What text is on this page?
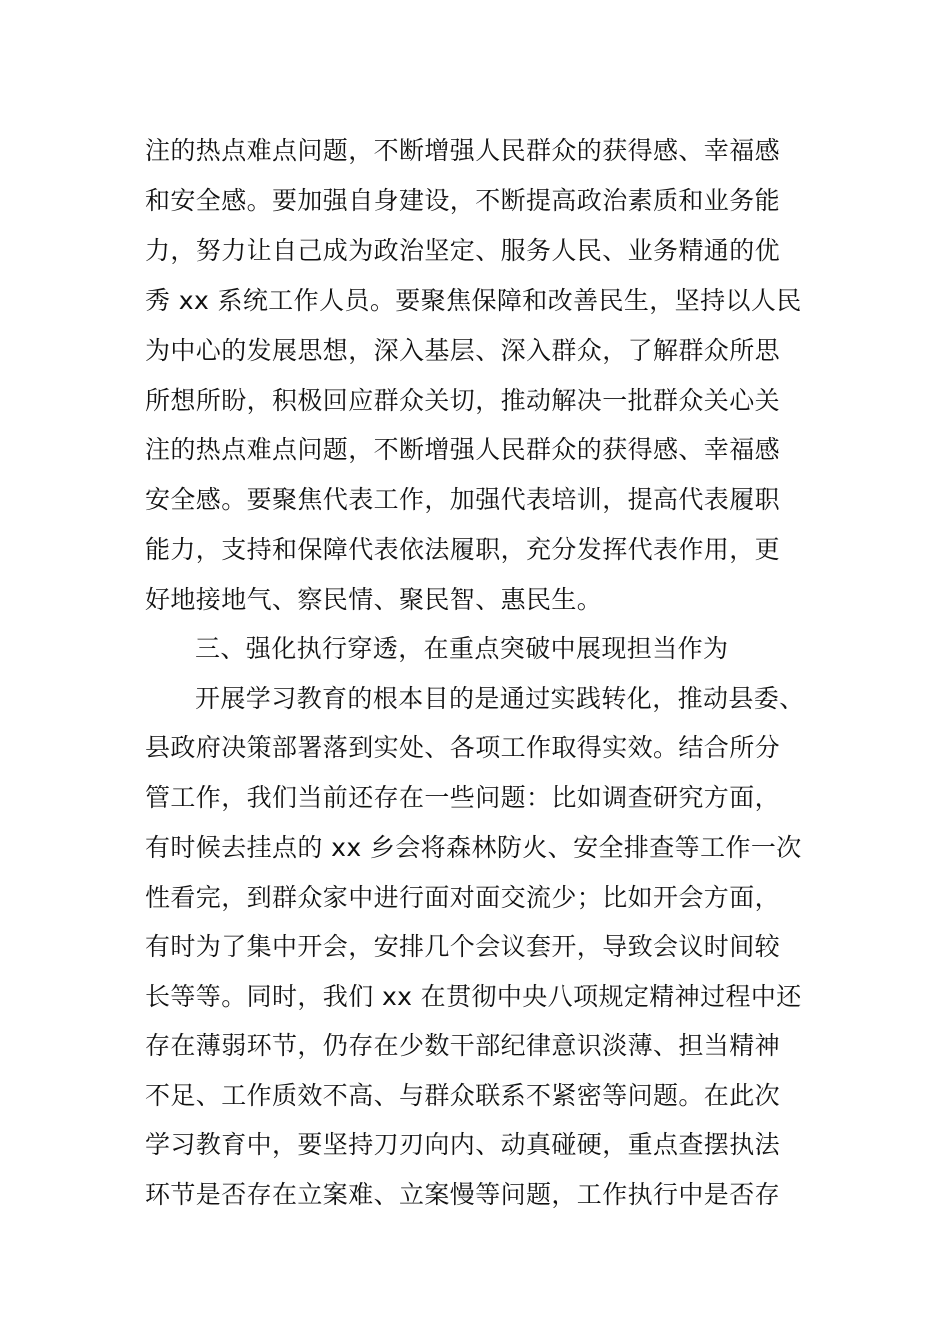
注的热点难点问题，不断增强人民群众的获得感、幸福感
和安全感。要加强自身建设，不断提高政治素质和业务能
力，努力让自己成为政治坚定、服务人民、业务精通的优
秀 xx 系统工作人员。要聚焦保障和改善民生，坚持以人民
为中心的发展思想，深入基层、深入群众，了解群众所思
所想所盼，积极回应群众关切，推动解决一批群众关心关
注的热点难点问题，不断增强人民群众的获得感、幸福感
安全感。要聚焦代表工作，加强代表培训，提高代表履职
能力，支持和保障代表依法履职，充分发挥代表作用，更
好地接地气、察民情、聚民智、惠民生。
三、强化执行穿透，在重点突破中展现担当作为
开展学习教育的根本目的是通过实践转化，推动县委、
县政府决策部署落到实处、各项工作取得实效。结合所分
管工作，我们当前还存在一些问题：比如调查研究方面，
有时候去挂点的 xx 乡会将森林防火、安全排查等工作一次
性看完，到群众家中进行面对面交流少；比如开会方面，
有时为了集中开会，安排几个会议套开，导致会议时间较
长等等。同时，我们 xx 在贯彻中央八项规定精神过程中还
存在薄弱环节，仍存在少数干部纪律意识淡薄、担当精神
不足、工作质效不高、与群众联系不紧密等问题。在此次
学习教育中，要坚持刀刃向内、动真碰硬，重点查摆执法
环节是否存在立案难、立案慢等问题，工作执行中是否存
